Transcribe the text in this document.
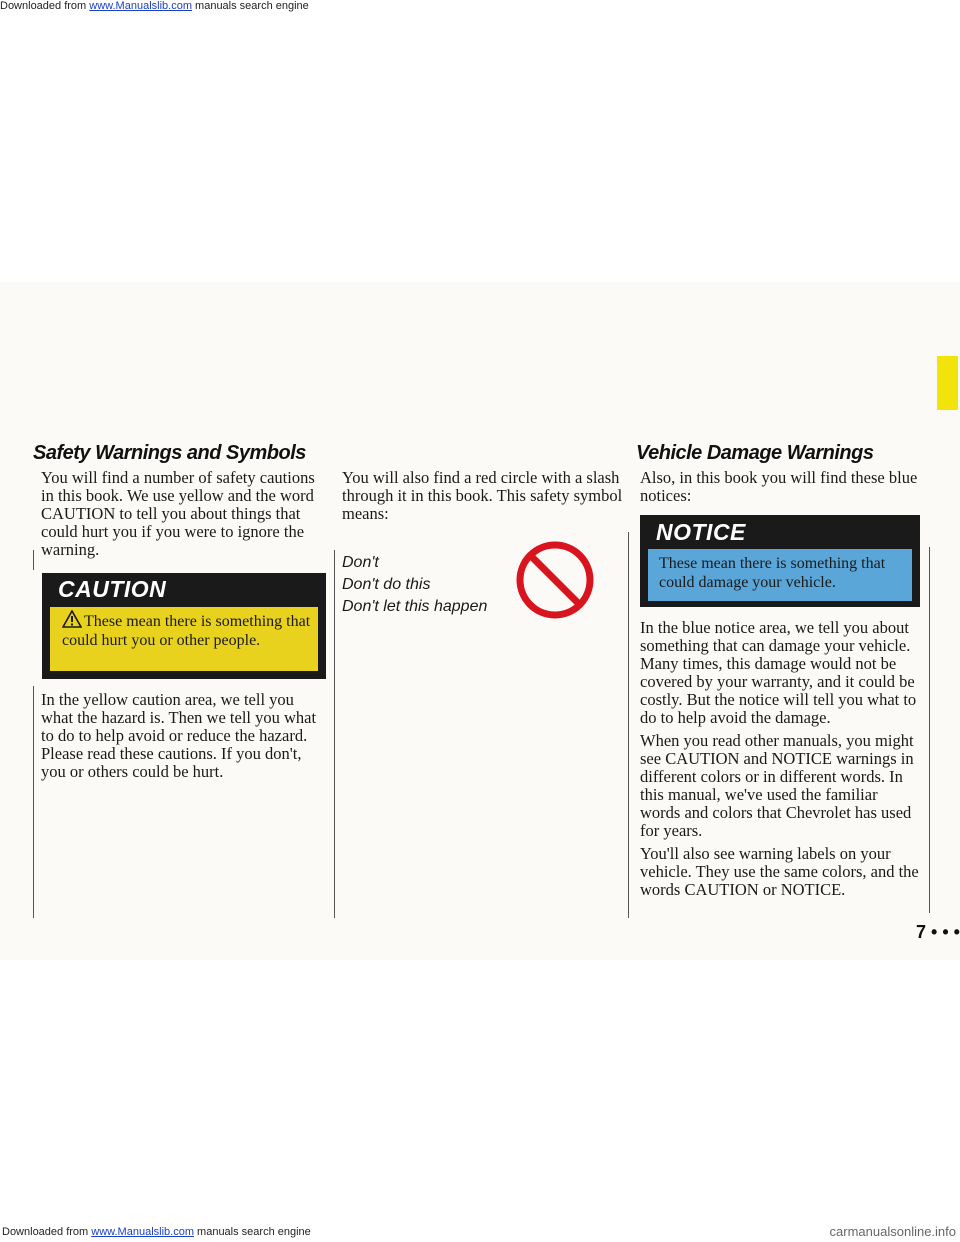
Downloaded from www.Manualslib.com manuals search engine
Safety Warnings and Symbols

You will find a number of safety cautions in this book. We use yellow and the word CAUTION to tell you about things that could hurt you if you were to ignore the warning.

CAUTION
These mean there is something that could hurt you or other people.

In the yellow caution area, we tell you what the hazard is. Then we tell you what to do to help avoid or reduce the hazard. Please read these cautions. If you don't, you or others could be hurt.

You will also find a red circle with a slash through it in this book. This safety symbol means:

Don't
Don't do this
Don't let this happen
Vehicle Damage Warnings

Also, in this book you will find these blue notices:

NOTICE
These mean there is something that could damage your vehicle.

In the blue notice area, we tell you about something that can damage your vehicle. Many times, this damage would not be covered by your warranty, and it could be costly. But the notice will tell you what to do to help avoid the damage.

When you read other manuals, you might see CAUTION and NOTICE warnings in different colors or in different words. In this manual, we've used the familiar words and colors that Chevrolet has used for years.

You'll also see warning labels on your vehicle. They use the same colors, and the words CAUTION or NOTICE.

7 • • •
Downloaded from www.Manualslib.com manuals search engine	carmanualsonline.info
